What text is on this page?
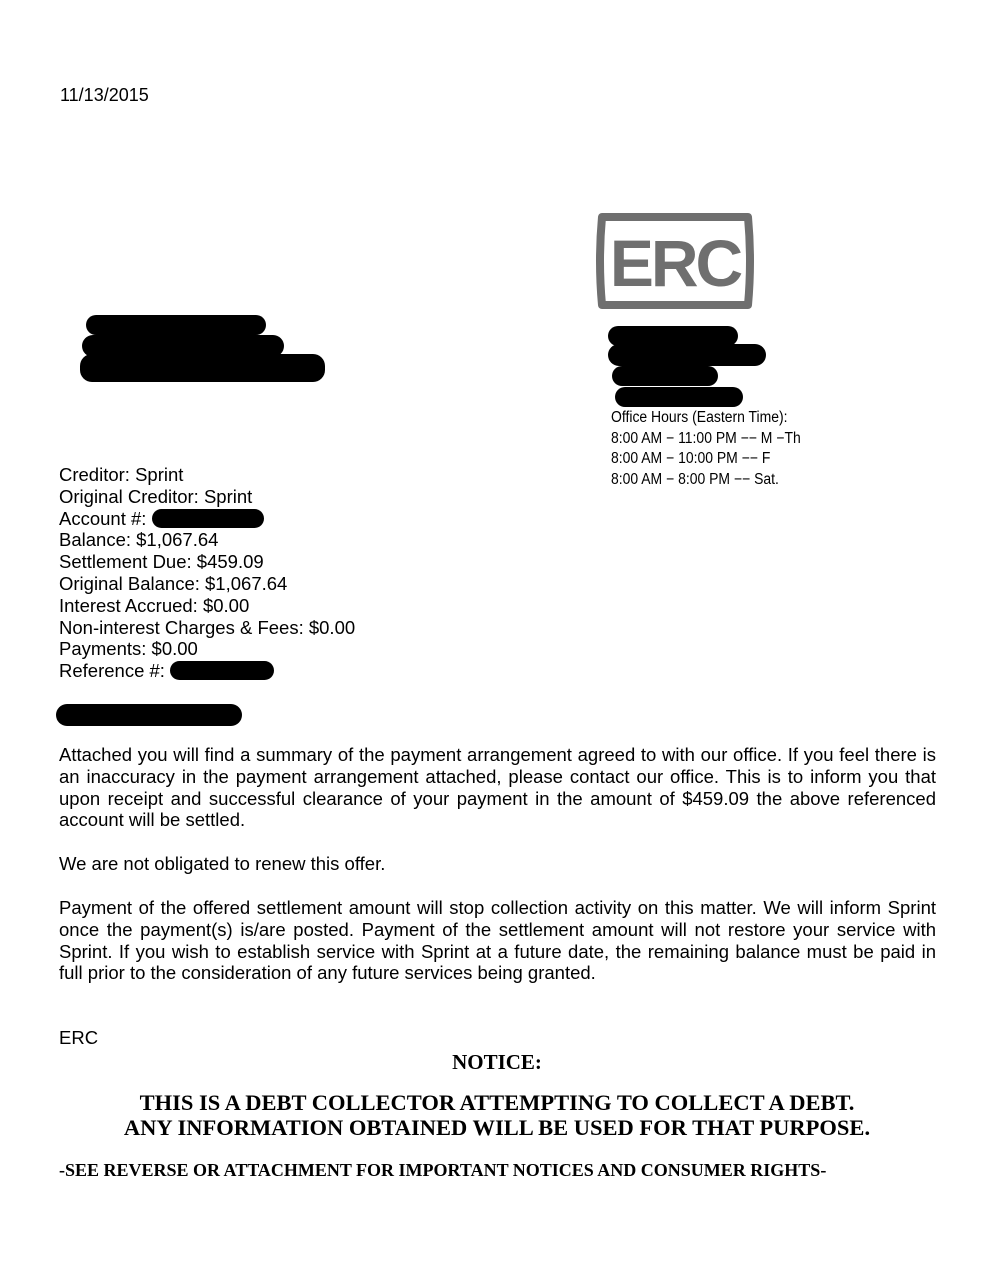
11/13/2015
ERC
Office Hours (Eastern Time):
8:00 AM − 11:00 PM −− M −Th
8:00 AM − 10:00 PM −− F
8:00 AM − 8:00 PM −− Sat.
Creditor: Sprint
Original Creditor: Sprint
Account #:
Balance: $1,067.64
Settlement Due: $459.09
Original Balance: $1,067.64
Interest Accrued: $0.00
Non-interest Charges & Fees: $0.00
Payments: $0.00
Reference #:
Attached you will find a summary of the payment arrangement agreed to with our office. If you feel there is an inaccuracy in the payment arrangement attached, please contact our office. This is to inform you that upon receipt and successful clearance of your payment in the amount of $459.09 the above referenced account will be settled.
We are not obligated to renew this offer.
Payment of the offered settlement amount will stop collection activity on this matter. We will inform Sprint once the payment(s) is/are posted. Payment of the settlement amount will not restore your service with Sprint. If you wish to establish service with Sprint at a future date, the remaining balance must be paid in full prior to the consideration of any future services being granted.
ERC
NOTICE:
THIS IS A DEBT COLLECTOR ATTEMPTING TO COLLECT A DEBT.
ANY INFORMATION OBTAINED WILL BE USED FOR THAT PURPOSE.
-SEE REVERSE OR ATTACHMENT FOR IMPORTANT NOTICES AND CONSUMER RIGHTS-
